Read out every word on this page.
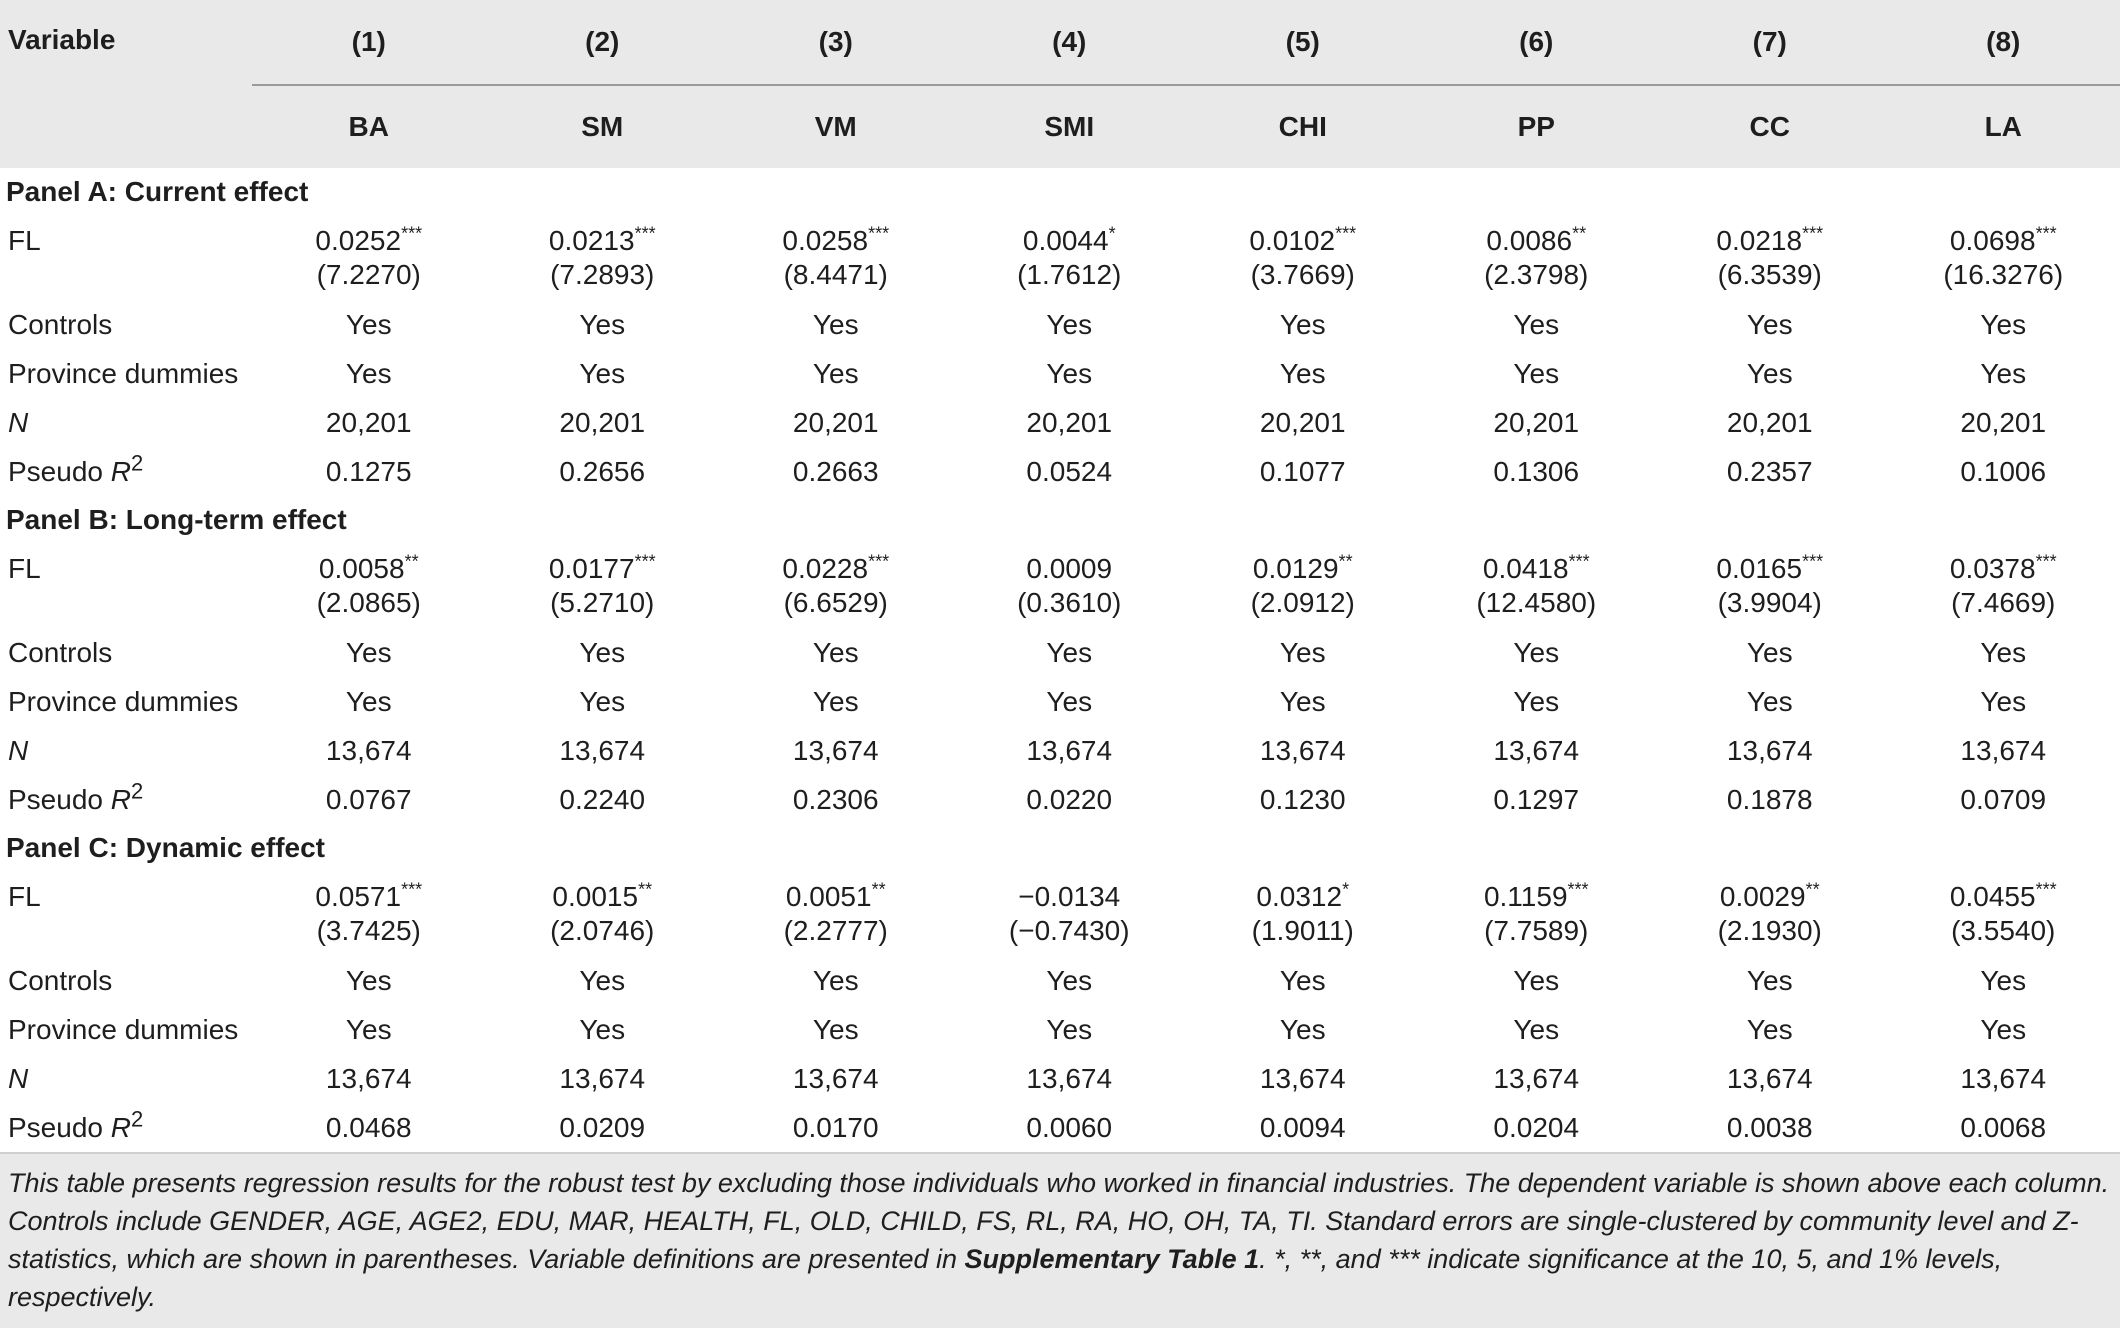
Variable	(1)	(2)	(3)	(4)	(5)	(6)	(7)	(8)
	BA	SM	VM	SMI	CHI	PP	CC	LA
Panel A: Current effect								
FL	0.0252***	0.0213***	0.0258***	0.0044*	0.0102***	0.0086**	0.0218***	0.0698***
	(7.2270)	(7.2893)	(8.4471)	(1.7612)	(3.7669)	(2.3798)	(6.3539)	(16.3276)
Controls	Yes	Yes	Yes	Yes	Yes	Yes	Yes	Yes
Province dummies	Yes	Yes	Yes	Yes	Yes	Yes	Yes	Yes
N	20,201	20,201	20,201	20,201	20,201	20,201	20,201	20,201
Pseudo $R^2$	0.1275	0.2656	0.2663	0.0524	0.1077	0.1306	0.2357	0.1006
Panel B: Long-term effect								
FL	0.0058**	0.0177***	0.0228***	0.0009	0.0129**	0.0418***	0.0165***	0.0378***
	(2.0865)	(5.2710)	(6.6529)	(0.3610)	(2.0912)	(12.4580)	(3.9904)	(7.4669)
Controls	Yes	Yes	Yes	Yes	Yes	Yes	Yes	Yes
Province dummies	Yes	Yes	Yes	Yes	Yes	Yes	Yes	Yes
N	13,674	13,674	13,674	13,674	13,674	13,674	13,674	13,674
Pseudo $R^2$	0.0767	0.2240	0.2306	0.0220	0.1230	0.1297	0.1878	0.0709
Panel C: Dynamic effect								
FL	0.0571***	0.0015**	0.0051**	−0.0134	0.0312*	0.1159***	0.0029**	0.0455***
	(3.7425)	(2.0746)	(2.2777)	(−0.7430)	(1.9011)	(7.7589)	(2.1930)	(3.5540)
Controls	Yes	Yes	Yes	Yes	Yes	Yes	Yes	Yes
Province dummies	Yes	Yes	Yes	Yes	Yes	Yes	Yes	Yes
N	13,674	13,674	13,674	13,674	13,674	13,674	13,674	13,674
Pseudo $R^2$	0.0468	0.0209	0.0170	0.0060	0.0094	0.0204	0.0038	0.0068
This table presents regression results for the robust test by excluding those individuals who worked in financial industries. The dependent variable is shown above each column. Controls include GENDER, AGE, AGE2, EDU, MAR, HEALTH, FL, OLD, CHILD, FS, RL, RA, HO, OH, TA, TI. Standard errors are single-clustered by community level and Z-statistics, which are shown in parentheses. Variable definitions are presented in Supplementary Table 1. *, **, and *** indicate significance at the 10, 5, and 1% levels, respectively.								
